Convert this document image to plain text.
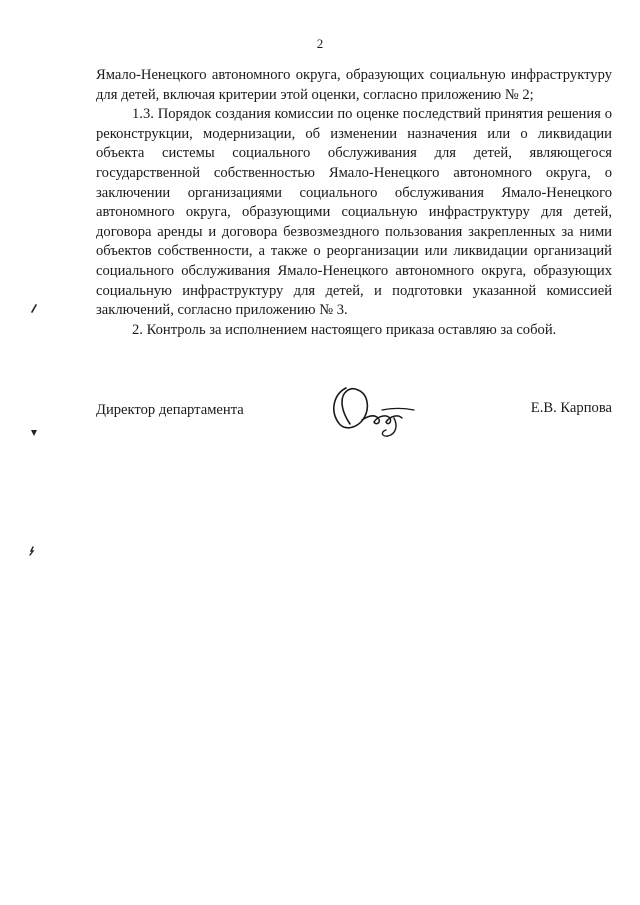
2

Ямало-Ненецкого автономного округа, образующих социальную инфраструктуру для детей, включая критерии этой оценки, согласно приложению № 2;

1.3. Порядок создания комиссии по оценке последствий принятия решения о реконструкции, модернизации, об изменении назначения или о ликвидации объекта системы социального обслуживания для детей, являющегося государственной собственностью Ямало-Ненецкого автономного округа, о заключении организациями социального обслуживания Ямало-Ненецкого автономного округа, образующими социальную инфраструктуру для детей, договора аренды и договора безвозмездного пользования закрепленных за ними объектов собственности, а также о реорганизации или ликвидации организаций социального обслуживания Ямало-Ненецкого автономного округа, образующих социальную инфраструктуру для детей, и подготовки указанной комиссией заключений, согласно приложению № 3.

2. Контроль за исполнением настоящего приказа оставляю за собой.

Директор департамента	Е.В. Карпова
